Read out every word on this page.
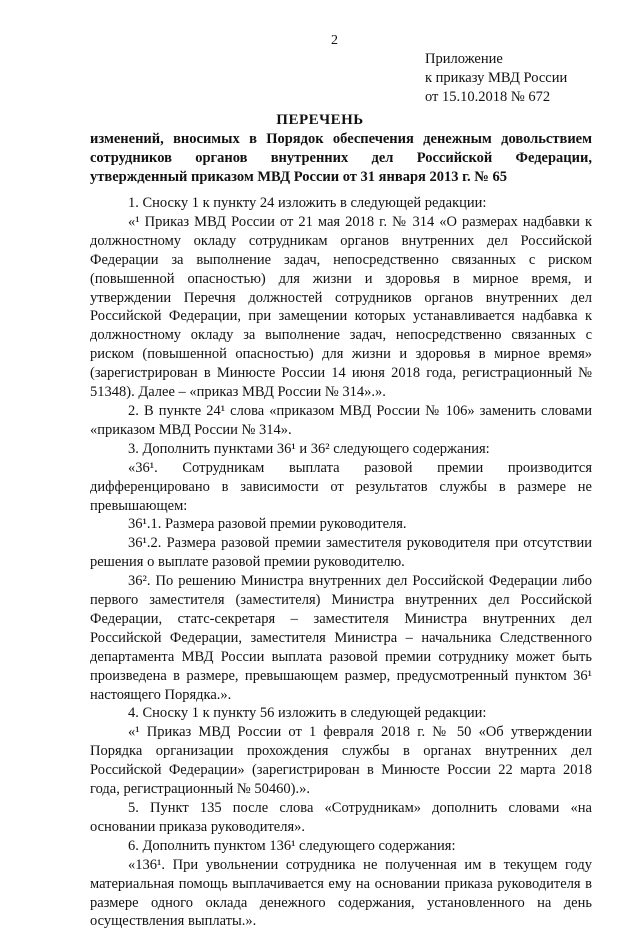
2
Приложение
к приказу МВД России
от 15.10.2018 № 672
ПЕРЕЧЕНЬ
изменений, вносимых в Порядок обеспечения денежным довольствием сотрудников органов внутренних дел Российской Федерации, утвержденный приказом МВД России от 31 января 2013 г. № 65

1. Сноску 1 к пункту 24 изложить в следующей редакции:

«¹ Приказ МВД России от 21 мая 2018 г. № 314 «О размерах надбавки к должностному окладу сотрудникам органов внутренних дел Российской Федерации за выполнение задач, непосредственно связанных с риском (повышенной опасностью) для жизни и здоровья в мирное время, и утверждении Перечня должностей сотрудников органов внутренних дел Российской Федерации, при замещении которых устанавливается надбавка к должностному окладу за выполнение задач, непосредственно связанных с риском (повышенной опасностью) для жизни и здоровья в мирное время» (зарегистрирован в Минюсте России 14 июня 2018 года, регистрационный № 51348). Далее – «приказ МВД России № 314».».

2. В пункте 24¹ слова «приказом МВД России № 106» заменить словами «приказом МВД России № 314».

3. Дополнить пунктами 36¹ и 36² следующего содержания:

«36¹. Сотрудникам выплата разовой премии производится дифференцировано в зависимости от результатов службы в размере не превышающем:

36¹.1. Размера разовой премии руководителя.

36¹.2. Размера разовой премии заместителя руководителя при отсутствии решения о выплате разовой премии руководителю.

36². По решению Министра внутренних дел Российской Федерации либо первого заместителя (заместителя) Министра внутренних дел Российской Федерации, статс-секретаря – заместителя Министра внутренних дел Российской Федерации, заместителя Министра – начальника Следственного департамента МВД России выплата разовой премии сотруднику может быть произведена в размере, превышающем размер, предусмотренный пунктом 36¹ настоящего Порядка.».

4. Сноску 1 к пункту 56 изложить в следующей редакции:

«¹ Приказ МВД России от 1 февраля 2018 г. № 50 «Об утверждении Порядка организации прохождения службы в органах внутренних дел Российской Федерации» (зарегистрирован в Минюсте России 22 марта 2018 года, регистрационный № 50460).».

5. Пункт 135 после слова «Сотрудникам» дополнить словами «на основании приказа руководителя».

6. Дополнить пунктом 136¹ следующего содержания:

«136¹. При увольнении сотрудника не полученная им в текущем году материальная помощь выплачивается ему на основании приказа руководителя в размере одного оклада денежного содержания, установленного на день осуществления выплаты.».
